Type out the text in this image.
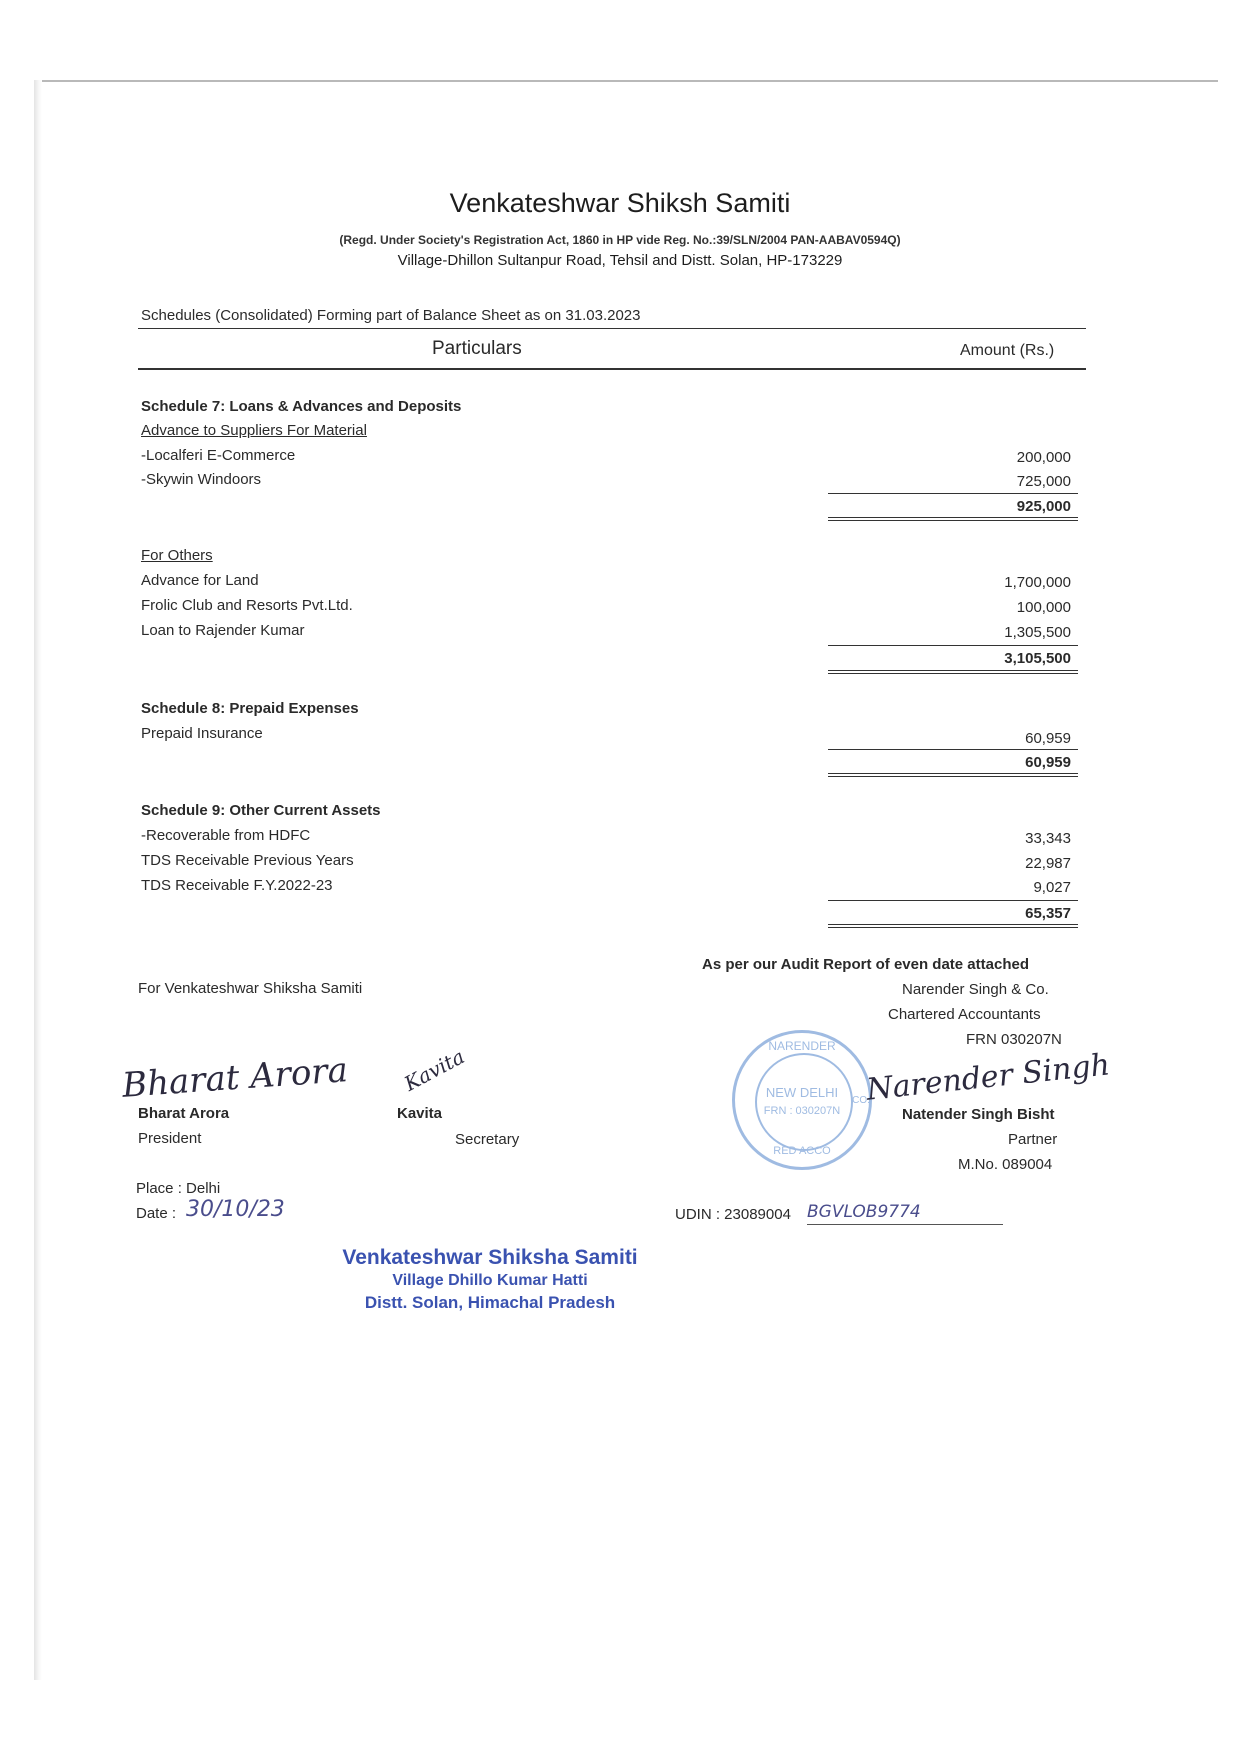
Venkateshwar Shiksh Samiti
(Regd. Under Society's Registration Act, 1860 in HP vide Reg. No.:39/SLN/2004 PAN-AABAV0594Q)
Village-Dhillon Sultanpur Road, Tehsil and Distt. Solan, HP-173229
Schedules (Consolidated) Forming part of Balance Sheet as on 31.03.2023
Particulars	Amount (Rs.)
Schedule 7: Loans & Advances and Deposits
Advance to Suppliers For Material
-Localferi E-Commerce	200,000
-Skywin Windoors	725,000
925,000
For Others
Advance for Land	1,700,000
Frolic Club and Resorts Pvt.Ltd.	100,000
Loan to Rajender Kumar	1,305,500
3,105,500
Schedule 8: Prepaid Expenses
Prepaid Insurance	60,959
60,959
Schedule 9: Other Current Assets
-Recoverable from HDFC	33,343
TDS Receivable Previous Years	22,987
TDS Receivable F.Y.2022-23	9,027
65,357
For Venkateshwar Shiksha Samiti
Bharat Arora	Kavita
Bharat Arora
President
Kavita
Secretary
Place : Delhi
Date : 30/10/23
As per our Audit Report of even date attached
Narender Singh & Co.
Chartered Accountants
FRN 030207N
NARENDER
NEW DELHI
FRN : 030207N
RED ACCO
CO.
Narender Singh
Natender Singh Bisht
Partner
M.No. 089004
UDIN : 23089004 BGVLOB9774
Venkateshwar Shiksha Samiti
Village Dhillo Kumar Hatti
Distt. Solan, Himachal Pradesh
